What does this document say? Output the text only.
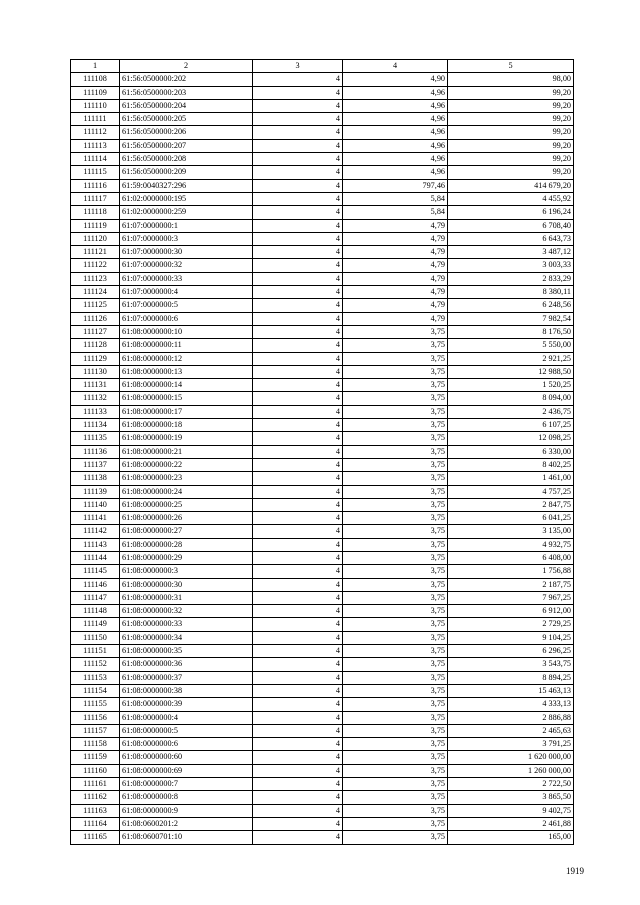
1	2	3	4	5
111108	61:56:0500000:202	4	4,90	98,00
111109	61:56:0500000:203	4	4,96	99,20
111110	61:56:0500000:204	4	4,96	99,20
111111	61:56:0500000:205	4	4,96	99,20
111112	61:56:0500000:206	4	4,96	99,20
111113	61:56:0500000:207	4	4,96	99,20
111114	61:56:0500000:208	4	4,96	99,20
111115	61:56:0500000:209	4	4,96	99,20
111116	61:59:0040327:296	4	797,46	414 679,20
111117	61:02:0000000:195	4	5,84	4 455,92
111118	61:02:0000000:259	4	5,84	6 196,24
111119	61:07:0000000:1	4	4,79	6 708,40
111120	61:07:0000000:3	4	4,79	6 643,73
111121	61:07:0000000:30	4	4,79	3 487,12
111122	61:07:0000000:32	4	4,79	3 003,33
111123	61:07:0000000:33	4	4,79	2 833,29
111124	61:07:0000000:4	4	4,79	8 380,11
111125	61:07:0000000:5	4	4,79	6 248,56
111126	61:07:0000000:6	4	4,79	7 982,54
111127	61:08:0000000:10	4	3,75	8 176,50
111128	61:08:0000000:11	4	3,75	5 550,00
111129	61:08:0000000:12	4	3,75	2 921,25
111130	61:08:0000000:13	4	3,75	12 988,50
111131	61:08:0000000:14	4	3,75	1 520,25
111132	61:08:0000000:15	4	3,75	8 094,00
111133	61:08:0000000:17	4	3,75	2 436,75
111134	61:08:0000000:18	4	3,75	6 107,25
111135	61:08:0000000:19	4	3,75	12 098,25
111136	61:08:0000000:21	4	3,75	6 330,00
111137	61:08:0000000:22	4	3,75	8 402,25
111138	61:08:0000000:23	4	3,75	1 461,00
111139	61:08:0000000:24	4	3,75	4 757,25
111140	61:08:0000000:25	4	3,75	2 847,75
111141	61:08:0000000:26	4	3,75	6 041,25
111142	61:08:0000000:27	4	3,75	3 135,00
111143	61:08:0000000:28	4	3,75	4 932,75
111144	61:08:0000000:29	4	3,75	6 408,00
111145	61:08:0000000:3	4	3,75	1 756,88
111146	61:08:0000000:30	4	3,75	2 187,75
111147	61:08:0000000:31	4	3,75	7 967,25
111148	61:08:0000000:32	4	3,75	6 912,00
111149	61:08:0000000:33	4	3,75	2 729,25
111150	61:08:0000000:34	4	3,75	9 104,25
111151	61:08:0000000:35	4	3,75	6 296,25
111152	61:08:0000000:36	4	3,75	3 543,75
111153	61:08:0000000:37	4	3,75	8 894,25
111154	61:08:0000000:38	4	3,75	15 463,13
111155	61:08:0000000:39	4	3,75	4 333,13
111156	61:08:0000000:4	4	3,75	2 886,88
111157	61:08:0000000:5	4	3,75	2 465,63
111158	61:08:0000000:6	4	3,75	3 791,25
111159	61:08:0000000:60	4	3,75	1 620 000,00
111160	61:08:0000000:69	4	3,75	1 260 000,00
111161	61:08:0000000:7	4	3,75	2 722,50
111162	61:08:0000000:8	4	3,75	3 865,50
111163	61:08:0000000:9	4	3,75	9 402,75
111164	61:08:0600201:2	4	3,75	2 461,88
111165	61:08:0600701:10	4	3,75	165,00
1919
